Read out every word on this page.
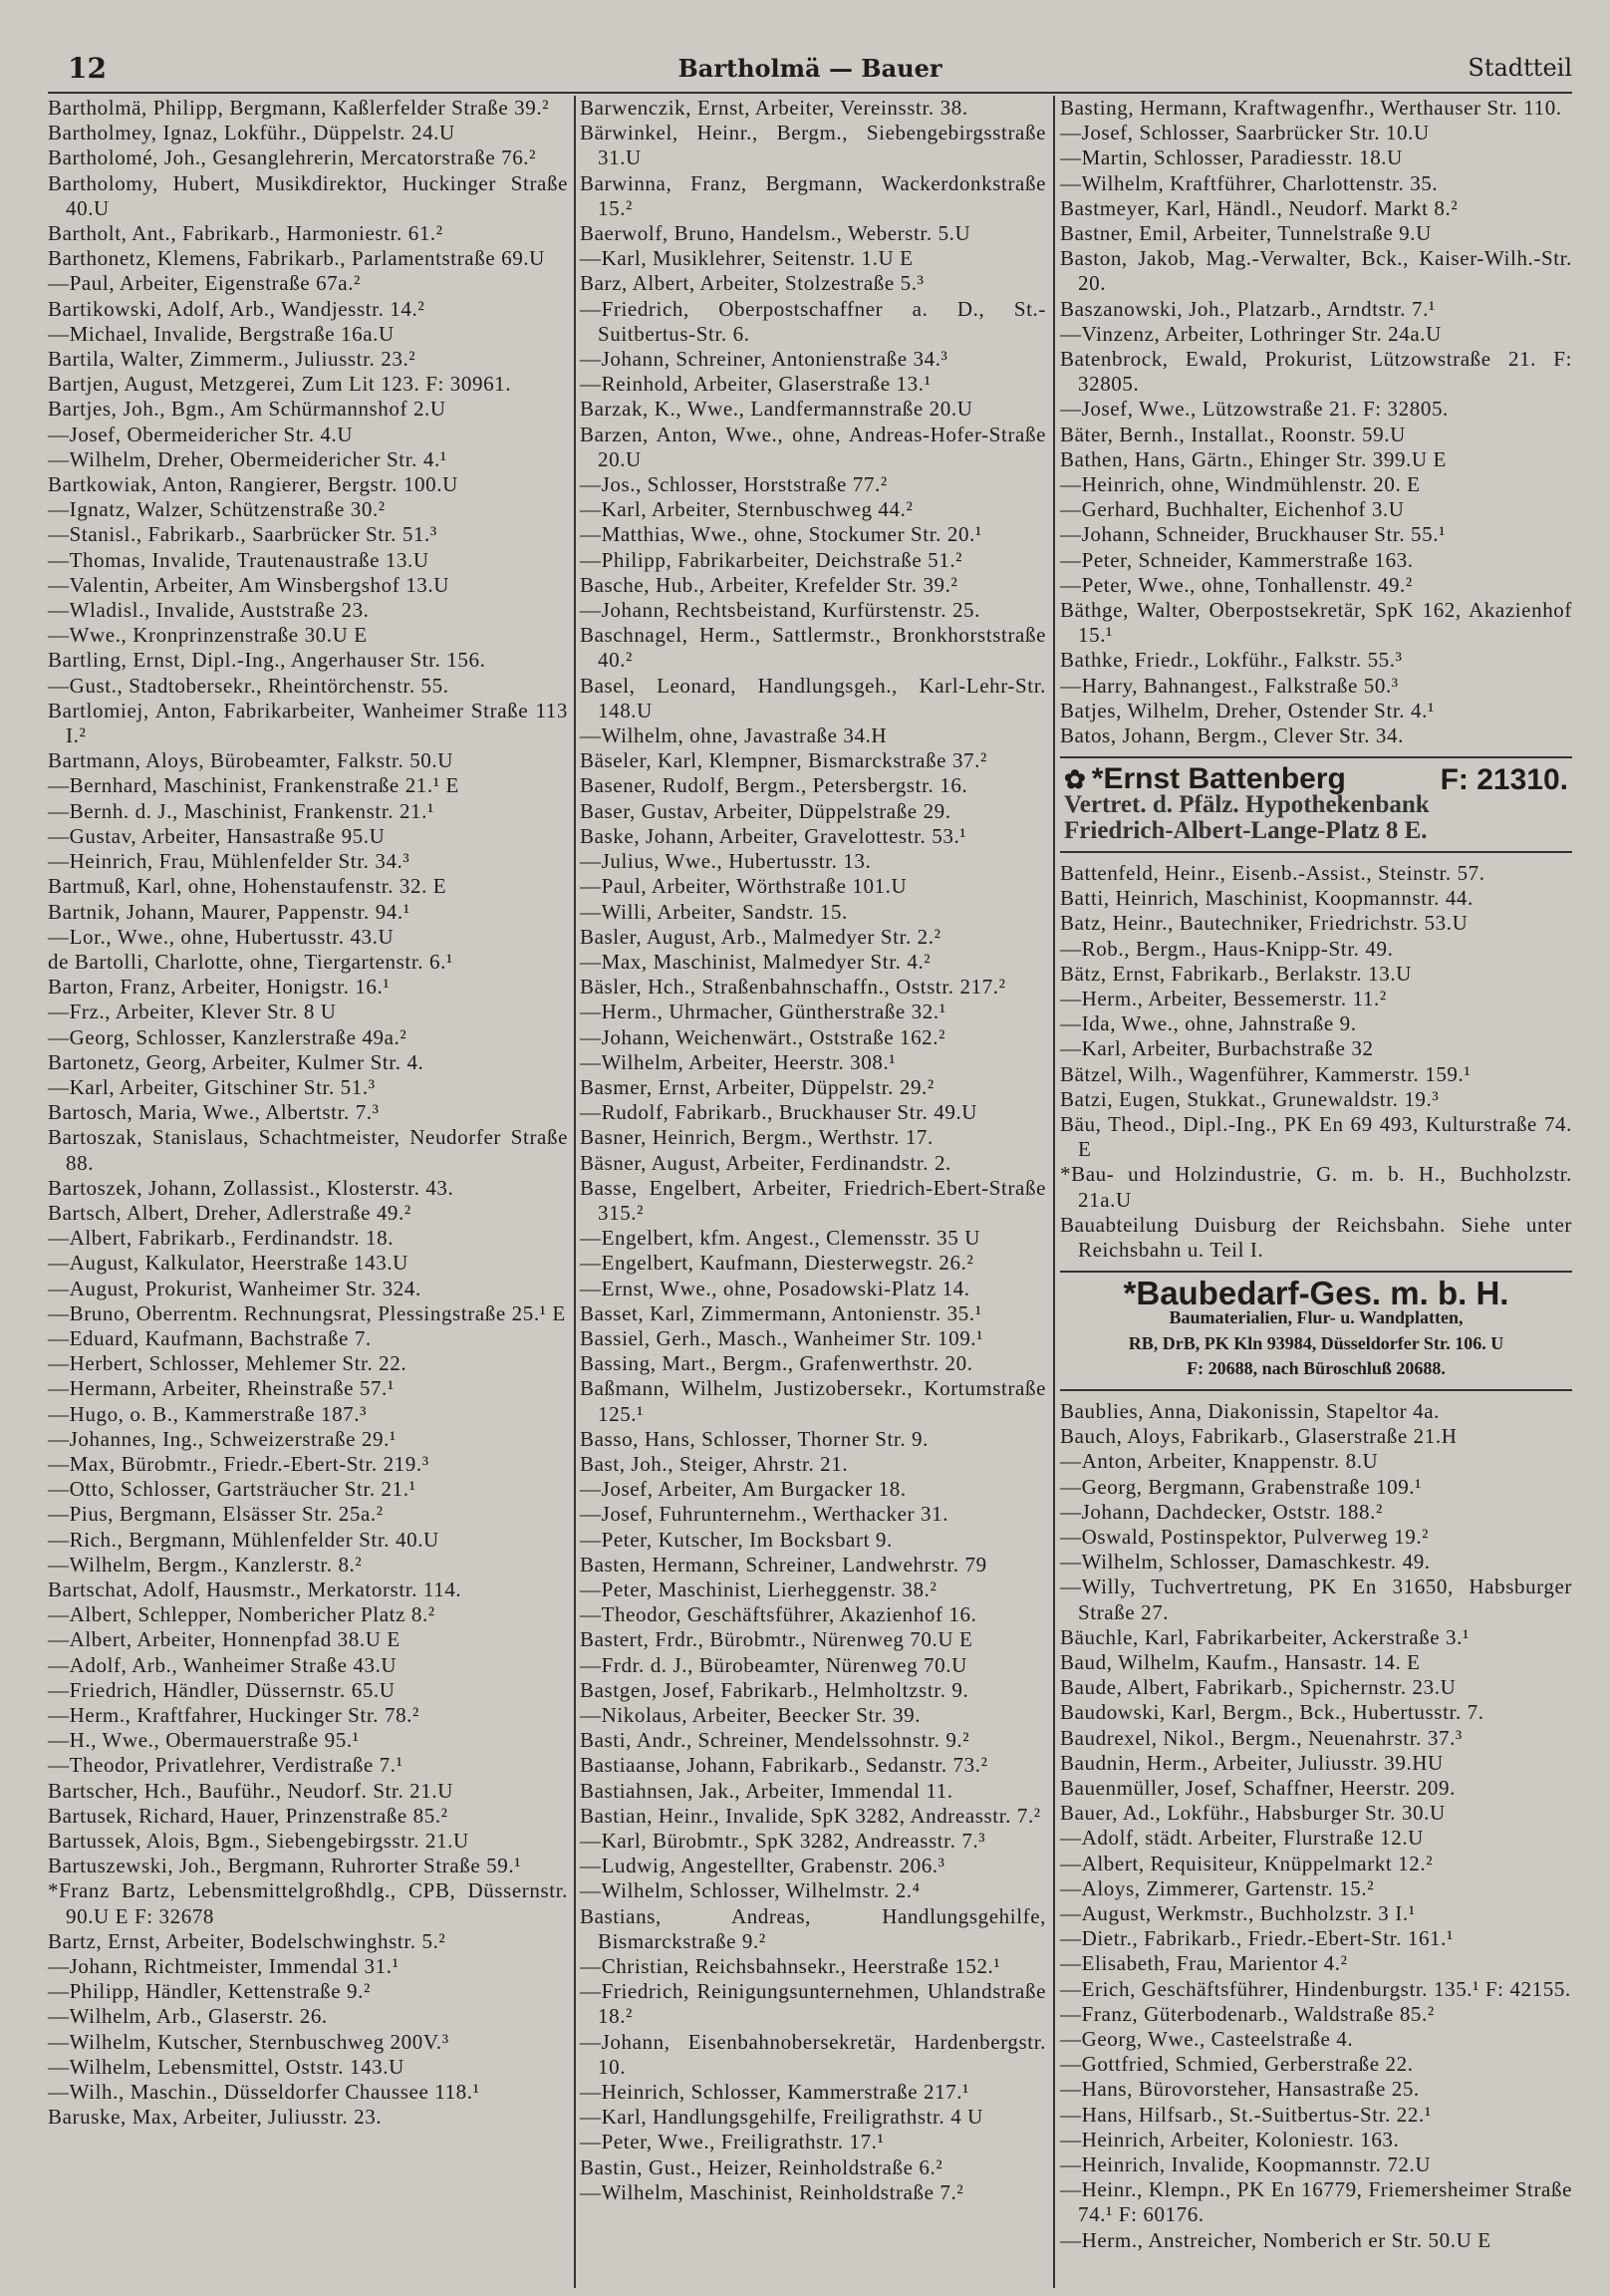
12	Bartholmä — Bauer	Stadtteil
Bartholmä, Philipp, Bergmann, Kaßlerfelder Straße 39.²
Bartholmey, Ignaz, Lokführ., Düppelstr. 24.U
Bartholomé, Joh., Gesanglehrerin, Mercatorstraße 76.²
Bartholomy, Hubert, Musikdirektor, Huckinger Straße 40.U
Bartholt, Ant., Fabrikarb., Harmoniestr. 61.²
Barthonetz, Klemens, Fabrikarb., Parlamentstraße 69.U
—Paul, Arbeiter, Eigenstraße 67a.²
Bartikowski, Adolf, Arb., Wandjesstr. 14.²
—Michael, Invalide, Bergstraße 16a.U
Bartila, Walter, Zimmerm., Juliusstr. 23.²
Bartjen, August, Metzgerei, Zum Lit 123. F: 30961.
Bartjes, Joh., Bgm., Am Schürmannshof 2.U
—Josef, Obermeidericher Str. 4.U
—Wilhelm, Dreher, Obermeidericher Str. 4.¹
Bartkowiak, Anton, Rangierer, Bergstr. 100.U
—Ignatz, Walzer, Schützenstraße 30.²
—Stanisl., Fabrikarb., Saarbrücker Str. 51.³
—Thomas, Invalide, Trautenaustraße 13.U
—Valentin, Arbeiter, Am Winsbergshof 13.U
—Wladisl., Invalide, Auststraße 23.
—Wwe., Kronprinzenstraße 30.U E
Bartling, Ernst, Dipl.-Ing., Angerhauser Str. 156.
—Gust., Stadtobersekr., Rheintörchenstr. 55.
Bartlomiej, Anton, Fabrikarbeiter, Wanheimer Straße 113 I.²
Bartmann, Aloys, Bürobeamter, Falkstr. 50.U
—Bernhard, Maschinist, Frankenstraße 21.¹ E
—Bernh. d. J., Maschinist, Frankenstr. 21.¹
—Gustav, Arbeiter, Hansastraße 95.U
—Heinrich, Frau, Mühlenfelder Str. 34.³
Bartmuß, Karl, ohne, Hohenstaufenstr. 32. E
Bartnik, Johann, Maurer, Pappenstr. 94.¹
—Lor., Wwe., ohne, Hubertusstr. 43.U
de Bartolli, Charlotte, ohne, Tiergartenstr. 6.¹
Barton, Franz, Arbeiter, Honigstr. 16.¹
—Frz., Arbeiter, Klever Str. 8 U
—Georg, Schlosser, Kanzlerstraße 49a.²
Bartonetz, Georg, Arbeiter, Kulmer Str. 4.
—Karl, Arbeiter, Gitschiner Str. 51.³
Bartosch, Maria, Wwe., Albertstr. 7.³
Bartoszak, Stanislaus, Schachtmeister, Neudorfer Straße 88.
Bartoszek, Johann, Zollassist., Klosterstr. 43.
Bartsch, Albert, Dreher, Adlerstraße 49.²
—Albert, Fabrikarb., Ferdinandstr. 18.
—August, Kalkulator, Heerstraße 143.U
—August, Prokurist, Wanheimer Str. 324.
—Bruno, Oberrentm. Rechnungsrat, Plessingstraße 25.¹ E
—Eduard, Kaufmann, Bachstraße 7.
—Herbert, Schlosser, Mehlemer Str. 22.
—Hermann, Arbeiter, Rheinstraße 57.¹
—Hugo, o. B., Kammerstraße 187.³
—Johannes, Ing., Schweizerstraße 29.¹
—Max, Bürobmtr., Friedr.-Ebert-Str. 219.³
—Otto, Schlosser, Gartsträucher Str. 21.¹
—Pius, Bergmann, Elsässer Str. 25a.²
—Rich., Bergmann, Mühlenfelder Str. 40.U
—Wilhelm, Bergm., Kanzlerstr. 8.²
Bartschat, Adolf, Hausmstr., Merkatorstr. 114.
—Albert, Schlepper, Nombericher Platz 8.²
—Albert, Arbeiter, Honnenpfad 38.U E
—Adolf, Arb., Wanheimer Straße 43.U
—Friedrich, Händler, Düssernstr. 65.U
—Herm., Kraftfahrer, Huckinger Str. 78.²
—H., Wwe., Obermauerstraße 95.¹
—Theodor, Privatlehrer, Verdistraße 7.¹
Bartscher, Hch., Bauführ., Neudorf. Str. 21.U
Bartusek, Richard, Hauer, Prinzenstraße 85.²
Bartussek, Alois, Bgm., Siebengebirgsstr. 21.U
Bartuszewski, Joh., Bergmann, Ruhrorter Straße 59.¹
*Franz Bartz, Lebensmittelgroßhdlg., CPB, Düssernstr. 90.U E F: 32678
Bartz, Ernst, Arbeiter, Bodelschwinghstr. 5.²
—Johann, Richtmeister, Immendal 31.¹
—Philipp, Händler, Kettenstraße 9.²
—Wilhelm, Arb., Glaserstr. 26.
—Wilhelm, Kutscher, Sternbuschweg 200V.³
—Wilhelm, Lebensmittel, Oststr. 143.U
—Wilh., Maschin., Düsseldorfer Chaussee 118.¹
Baruske, Max, Arbeiter, Juliusstr. 23.
Barwenczik, Ernst, Arbeiter, Vereinsstr. 38.
Bärwinkel, Heinr., Bergm., Siebengebirgsstraße 31.U
Barwinna, Franz, Bergmann, Wackerdonkstraße 15.²
Baerwolf, Bruno, Handelsm., Weberstr. 5.U
—Karl, Musiklehrer, Seitenstr. 1.U E
Barz, Albert, Arbeiter, Stolzestraße 5.³
—Friedrich, Oberpostschaffner a. D., St.-Suitbertus-Str. 6.
—Johann, Schreiner, Antonienstraße 34.³
—Reinhold, Arbeiter, Glaserstraße 13.¹
Barzak, K., Wwe., Landfermannstraße 20.U
Barzen, Anton, Wwe., ohne, Andreas-Hofer-Straße 20.U
—Jos., Schlosser, Horststraße 77.²
—Karl, Arbeiter, Sternbuschweg 44.²
—Matthias, Wwe., ohne, Stockumer Str. 20.¹
—Philipp, Fabrikarbeiter, Deichstraße 51.²
Basche, Hub., Arbeiter, Krefelder Str. 39.²
—Johann, Rechtsbeistand, Kurfürstenstr. 25.
Baschnagel, Herm., Sattlermstr., Bronkhorststraße 40.²
Basel, Leonard, Handlungsgeh., Karl-Lehr-Str. 148.U
—Wilhelm, ohne, Javastraße 34.H
Bäseler, Karl, Klempner, Bismarckstraße 37.²
Basener, Rudolf, Bergm., Petersbergstr. 16.
Baser, Gustav, Arbeiter, Düppelstraße 29.
Baske, Johann, Arbeiter, Gravelottestr. 53.¹
—Julius, Wwe., Hubertusstr. 13.
—Paul, Arbeiter, Wörthstraße 101.U
—Willi, Arbeiter, Sandstr. 15.
Basler, August, Arb., Malmedyer Str. 2.²
—Max, Maschinist, Malmedyer Str. 4.²
Bäsler, Hch., Straßenbahnschaffn., Oststr. 217.²
—Herm., Uhrmacher, Güntherstraße 32.¹
—Johann, Weichenwärt., Oststraße 162.²
—Wilhelm, Arbeiter, Heerstr. 308.¹
Basmer, Ernst, Arbeiter, Düppelstr. 29.²
—Rudolf, Fabrikarb., Bruckhauser Str. 49.U
Basner, Heinrich, Bergm., Werthstr. 17.
Bäsner, August, Arbeiter, Ferdinandstr. 2.
Basse, Engelbert, Arbeiter, Friedrich-Ebert-Straße 315.²
—Engelbert, kfm. Angest., Clemensstr. 35 U
—Engelbert, Kaufmann, Diesterwegstr. 26.²
—Ernst, Wwe., ohne, Posadowski-Platz 14.
Basset, Karl, Zimmermann, Antonienstr. 35.¹
Bassiel, Gerh., Masch., Wanheimer Str. 109.¹
Bassing, Mart., Bergm., Grafenwerthstr. 20.
Baßmann, Wilhelm, Justizobersekr., Kortumstraße 125.¹
Basso, Hans, Schlosser, Thorner Str. 9.
Bast, Joh., Steiger, Ahrstr. 21.
—Josef, Arbeiter, Am Burgacker 18.
—Josef, Fuhrunternehm., Werthacker 31.
—Peter, Kutscher, Im Bocksbart 9.
Basten, Hermann, Schreiner, Landwehrstr. 79
—Peter, Maschinist, Lierheggenstr. 38.²
—Theodor, Geschäftsführer, Akazienhof 16.
Bastert, Frdr., Bürobmtr., Nürenweg 70.U E
—Frdr. d. J., Bürobeamter, Nürenweg 70.U
Bastgen, Josef, Fabrikarb., Helmholtzstr. 9.
—Nikolaus, Arbeiter, Beecker Str. 39.
Basti, Andr., Schreiner, Mendelssohnstr. 9.²
Bastiaanse, Johann, Fabrikarb., Sedanstr. 73.²
Bastiahnsen, Jak., Arbeiter, Immendal 11.
Bastian, Heinr., Invalide, SpK 3282, Andreasstr. 7.²
—Karl, Bürobmtr., SpK 3282, Andreasstr. 7.³
—Ludwig, Angestellter, Grabenstr. 206.³
—Wilhelm, Schlosser, Wilhelmstr. 2.⁴
Bastians, Andreas, Handlungsgehilfe, Bismarckstraße 9.²
—Christian, Reichsbahnsekr., Heerstraße 152.¹
—Friedrich, Reinigungsunternehmen, Uhlandstraße 18.²
—Johann, Eisenbahnobersekretär, Hardenbergstr. 10.
—Heinrich, Schlosser, Kammerstraße 217.¹
—Karl, Handlungsgehilfe, Freiligrathstr. 4 U
—Peter, Wwe., Freiligrathstr. 17.¹
Bastin, Gust., Heizer, Reinholdstraße 6.²
—Wilhelm, Maschinist, Reinholdstraße 7.²
Basting, Hermann, Kraftwagenfhr., Werthauser Str. 110.
—Josef, Schlosser, Saarbrücker Str. 10.U
—Martin, Schlosser, Paradiesstr. 18.U
—Wilhelm, Kraftführer, Charlottenstr. 35.
Bastmeyer, Karl, Händl., Neudorf. Markt 8.²
Bastner, Emil, Arbeiter, Tunnelstraße 9.U
Baston, Jakob, Mag.-Verwalter, Bck., Kaiser-Wilh.-Str. 20.
Baszanowski, Joh., Platzarb., Arndtstr. 7.¹
—Vinzenz, Arbeiter, Lothringer Str. 24a.U
Batenbrock, Ewald, Prokurist, Lützowstraße 21. F: 32805.
—Josef, Wwe., Lützowstraße 21. F: 32805.
Bäter, Bernh., Installat., Roonstr. 59.U
Bathen, Hans, Gärtn., Ehinger Str. 399.U E
—Heinrich, ohne, Windmühlenstr. 20. E
—Gerhard, Buchhalter, Eichenhof 3.U
—Johann, Schneider, Bruckhauser Str. 55.¹
—Peter, Schneider, Kammerstraße 163.
—Peter, Wwe., ohne, Tonhallenstr. 49.²
Bäthge, Walter, Oberpostsekretär, SpK 162, Akazienhof 15.¹
Bathke, Friedr., Lokführ., Falkstr. 55.³
—Harry, Bahnangest., Falkstraße 50.³
Batjes, Wilhelm, Dreher, Ostender Str. 4.¹
Batos, Johann, Bergm., Clever Str. 34.
✿ *Ernst Battenberg	F: 21310.
Vertret. d. Pfälz. Hypothekenbank
Friedrich-Albert-Lange-Platz 8 E.
Battenfeld, Heinr., Eisenb.-Assist., Steinstr. 57.
Batti, Heinrich, Maschinist, Koopmannstr. 44.
Batz, Heinr., Bautechniker, Friedrichstr. 53.U
—Rob., Bergm., Haus-Knipp-Str. 49.
Bätz, Ernst, Fabrikarb., Berlakstr. 13.U
—Herm., Arbeiter, Bessemerstr. 11.²
—Ida, Wwe., ohne, Jahnstraße 9.
—Karl, Arbeiter, Burbachstraße 32
Bätzel, Wilh., Wagenführer, Kammerstr. 159.¹
Batzi, Eugen, Stukkat., Grunewaldstr. 19.³
Bäu, Theod., Dipl.-Ing., PK En 69 493, Kulturstraße 74. E
*Bau- und Holzindustrie, G. m. b. H., Buchholzstr. 21a.U
Bauabteilung Duisburg der Reichsbahn. Siehe unter Reichsbahn u. Teil I.
*Baubedarf-Ges. m. b. H.
Baumaterialien, Flur- u. Wandplatten,
RB, DrB, PK Kln 93984, Düsseldorfer Str. 106. U
F: 20688, nach Büroschluß 20688.
Baublies, Anna, Diakonissin, Stapeltor 4a.
Bauch, Aloys, Fabrikarb., Glaserstraße 21.H
—Anton, Arbeiter, Knappenstr. 8.U
—Georg, Bergmann, Grabenstraße 109.¹
—Johann, Dachdecker, Oststr. 188.²
—Oswald, Postinspektor, Pulverweg 19.²
—Wilhelm, Schlosser, Damaschkestr. 49.
—Willy, Tuchvertretung, PK En 31650, Habsburger Straße 27.
Bäuchle, Karl, Fabrikarbeiter, Ackerstraße 3.¹
Baud, Wilhelm, Kaufm., Hansastr. 14. E
Baude, Albert, Fabrikarb., Spichernstr. 23.U
Baudowski, Karl, Bergm., Bck., Hubertusstr. 7.
Baudrexel, Nikol., Bergm., Neuenahrstr. 37.³
Baudnin, Herm., Arbeiter, Juliusstr. 39.HU
Bauenmüller, Josef, Schaffner, Heerstr. 209.
Bauer, Ad., Lokführ., Habsburger Str. 30.U
—Adolf, städt. Arbeiter, Flurstraße 12.U
—Albert, Requisiteur, Knüppelmarkt 12.²
—Aloys, Zimmerer, Gartenstr. 15.²
—August, Werkmstr., Buchholzstr. 3 I.¹
—Dietr., Fabrikarb., Friedr.-Ebert-Str. 161.¹
—Elisabeth, Frau, Marientor 4.²
—Erich, Geschäftsführer, Hindenburgstr. 135.¹ F: 42155.
—Franz, Güterbodenarb., Waldstraße 85.²
—Georg, Wwe., Casteelstraße 4.
—Gottfried, Schmied, Gerberstraße 22.
—Hans, Bürovorsteher, Hansastraße 25.
—Hans, Hilfsarb., St.-Suitbertus-Str. 22.¹
—Heinrich, Arbeiter, Koloniestr. 163.
—Heinrich, Invalide, Koopmannstr. 72.U
—Heinr., Klempn., PK En 16779, Friemersheimer Straße 74.¹ F: 60176.
—Herm., Anstreicher, Nomberich er Str. 50.U E
